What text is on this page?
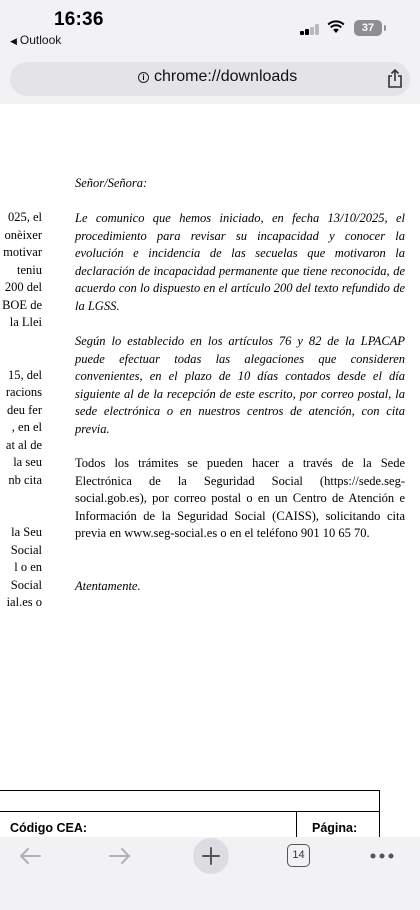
16:36
◀ Outlook
37
i chrome://downloads
025, el
onèixer
motivar
teniu
200 del
BOE de
la Llei
15, del
racions
deu fer
, en el
at al de
la seu
nb cita
la Seu
Social
l o en
Social
ial.es o
Señor/Señora:
Le comunico que hemos iniciado, en fecha 13/10/2025, el procedimiento para revisar su incapacidad y conocer la evolución e incidencia de las secuelas que motivaron la declaración de incapacidad permanente que tiene reconocida, de acuerdo con lo dispuesto en el artículo 200 del texto refundido de la LGSS.
Según lo establecido en los artículos 76 y 82 de la LPACAP puede efectuar todas las alegaciones que consideren convenientes, en el plazo de 10 días contados desde el día siguiente al de la recepción de este escrito, por correo postal, la sede electrónica o en nuestros centros de atención, con cita previa.
Todos los trámites se pueden hacer a través de la Sede Electrónica de la Seguridad Social (https://sede.seg-social.gob.es), por correo postal o en un Centro de Atención e Información de la Seguridad Social (CAISS), solicitando cita previa en www.seg-social.es o en el teléfono 901 10 65 70.
Atentamente.
Código CEA:	Página:
14
